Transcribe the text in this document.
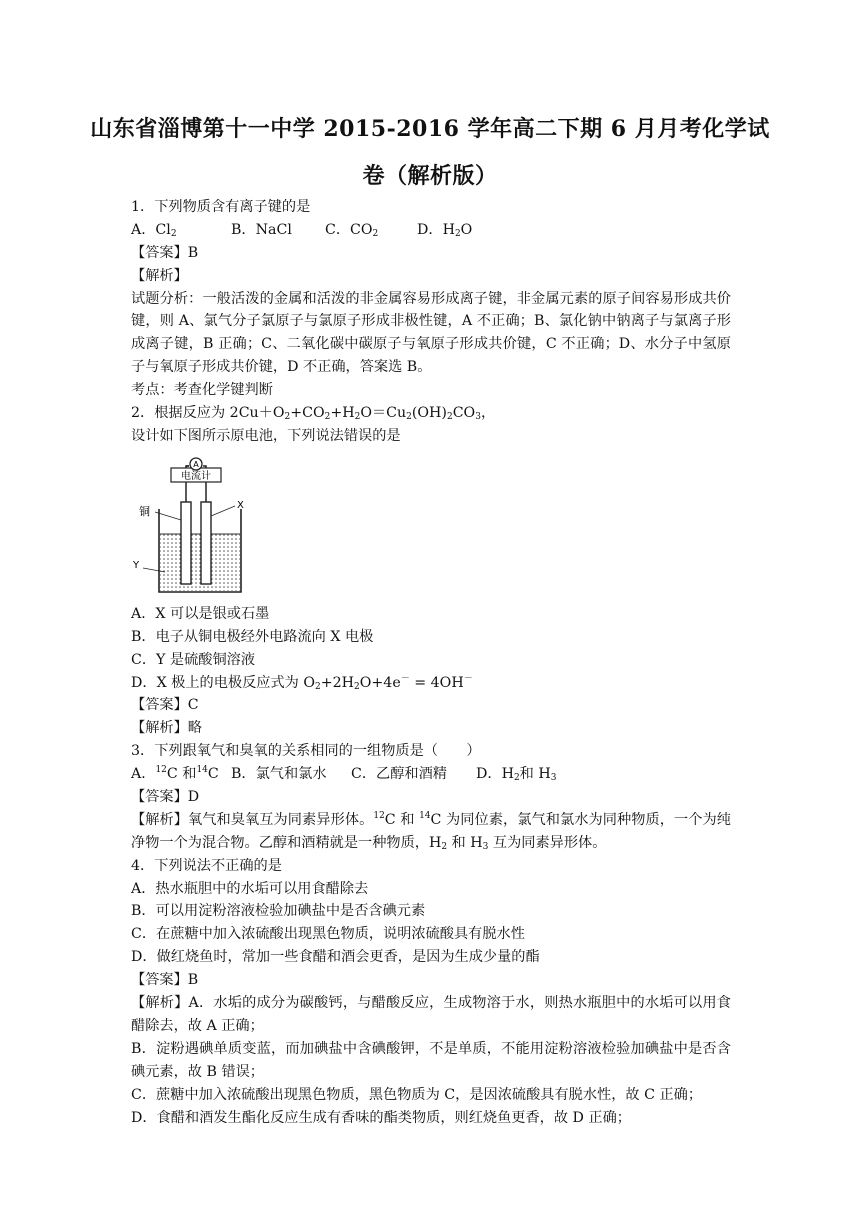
山东省淄博第十一中学 2015-2016 学年高二下期 6 月月考化学试
卷（解析版）
1．下列物质含有离子键的是
A．$Cl_2$	B．NaCl C．$CO_2$	D．$H_2O$
【答案】B
【解析】
试题分析：一般活泼的金属和活泼的非金属容易形成离子键，非金属元素的原子间容易形成共价键，则 A、氯气分子氯原子与氯原子形成非极性键，A 不正确；B、氯化钠中钠离子与氯离子形成离子键，B 正确；C、二氧化碳中碳原子与氧原子形成共价键，C 不正确；D、水分子中氢原子与氧原子形成共价键，D 不正确，答案选 B。
考点：考查化学键判断
2．根据反应为 $2Cu+O_2+CO_2+H_2O=Cu_2(OH)_2CO_3$，
设计如下图所示原电池，下列说法错误的是
A
电流计
铜	X
Y
A．X 可以是银或石墨
B．电子从铜电极经外电路流向 X 电极
C．Y 是硫酸铜溶液
D．X 极上的电极反应式为 $O_2+2H_2O+4e^- = 4OH^-$
【答案】C
【解析】略
3．下列跟氧气和臭氧的关系相同的一组物质是（　　）
A．$^{12}$C 和$^{14}$C B．氯气和氯水 C．乙醇和酒精 D．$H_2$和 $H_3$
【答案】D
【解析】氧气和臭氧互为同素异形体。$^{12}$C 和 $^{14}$C 为同位素，氯气和氯水为同种物质，一个为纯净物一个为混合物。乙醇和酒精就是一种物质，$H_2$ 和 $H_3$ 互为同素异形体。
4．下列说法不正确的是
A．热水瓶胆中的水垢可以用食醋除去
B．可以用淀粉溶液检验加碘盐中是否含碘元素
C．在蔗糖中加入浓硫酸出现黑色物质，说明浓硫酸具有脱水性
D．做红烧鱼时，常加一些食醋和酒会更香，是因为生成少量的酯
【答案】B
【解析】A．水垢的成分为碳酸钙，与醋酸反应，生成物溶于水，则热水瓶胆中的水垢可以用食醋除去，故 A 正确；
B．淀粉遇碘单质变蓝，而加碘盐中含碘酸钾，不是单质，不能用淀粉溶液检验加碘盐中是否含碘元素，故 B 错误；
C．蔗糖中加入浓硫酸出现黑色物质，黑色物质为 C，是因浓硫酸具有脱水性，故 C 正确；
D．食醋和酒发生酯化反应生成有香味的酯类物质，则红烧鱼更香，故 D 正确；
